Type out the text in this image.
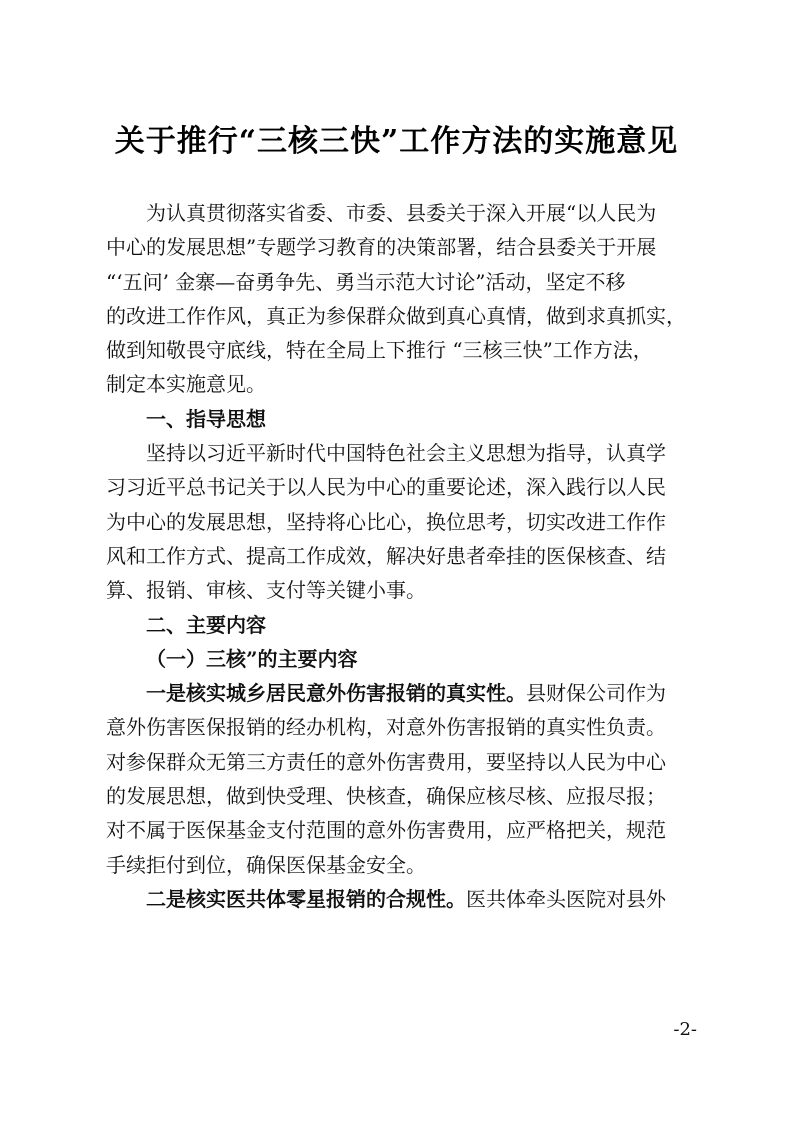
关于推行“三核三快”工作方法的实施意见

为认真贯彻落实省委、市委、县委关于深入开展“以人民为
中心的发展思想”专题学习教育的决策部署，结合县委关于开展
“‘五问’ 金寨—奋勇争先、勇当示范大讨论”活动，坚定不移
的改进工作作风，真正为参保群众做到真心真情，做到求真抓实，
做到知敬畏守底线，特在全局上下推行 “三核三快”工作方法，
制定本实施意见。

一、指导思想

坚持以习近平新时代中国特色社会主义思想为指导，认真学
习习近平总书记关于以人民为中心的重要论述，深入践行以人民
为中心的发展思想，坚持将心比心，换位思考，切实改进工作作
风和工作方式、提高工作成效，解决好患者牵挂的医保核查、结
算、报销、审核、支付等关键小事。

二、主要内容
（一）三核”的主要内容

一是核实城乡居民意外伤害报销的真实性。县财保公司作为
意外伤害医保报销的经办机构，对意外伤害报销的真实性负责。
对参保群众无第三方责任的意外伤害费用，要坚持以人民为中心
的发展思想，做到快受理、快核查，确保应核尽核、应报尽报；
对不属于医保基金支付范围的意外伤害费用，应严格把关，规范
手续拒付到位，确保医保基金安全。

二是核实医共体零星报销的合规性。医共体牵头医院对县外

-2-
